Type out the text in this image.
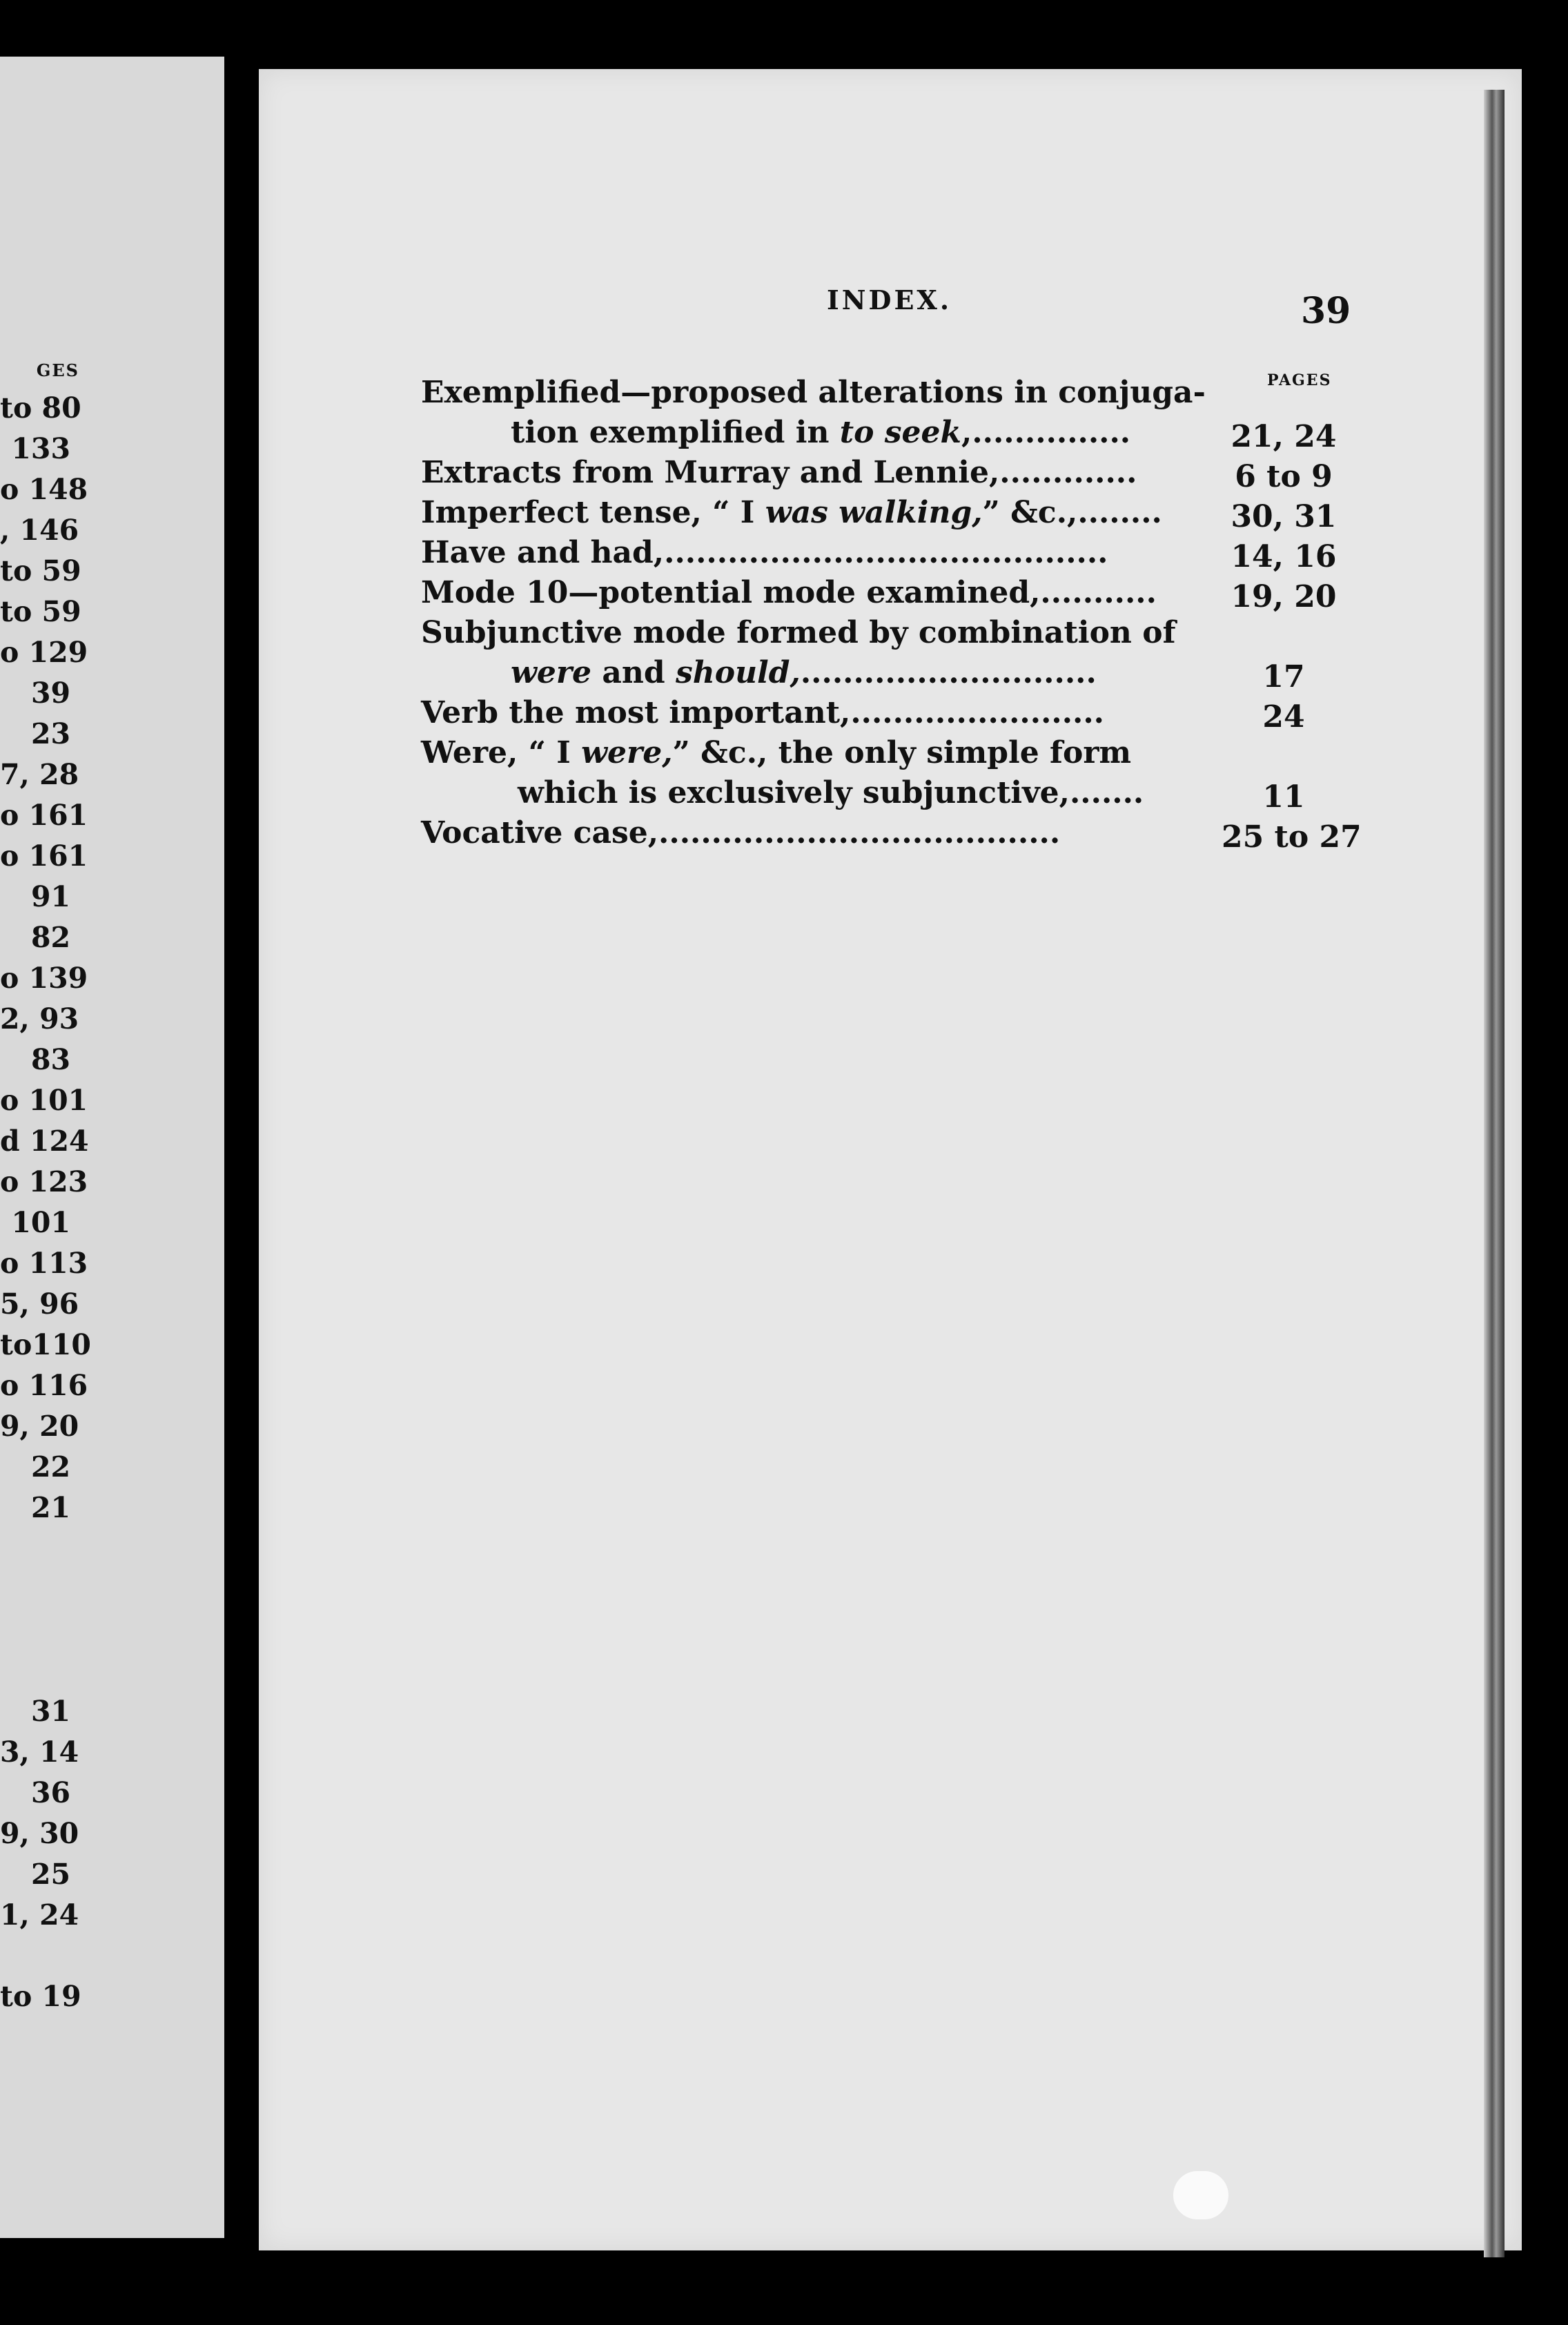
GES
to 80
133
o 148
, 146
to 59
to 59
o 129
39
23
7, 28
o 161
o 161
91
82
o 139
2, 93
83
o 101
d 124
o 123
101
o 113
5, 96
to110
o 116
9, 20
22
21
31
3, 14
36
9, 30
25
1, 24
to 19
INDEX.	39
PAGES
Exemplified—proposed alterations in conjuga-
tion exemplified in to seek,...............	21, 24
Extracts from Murray and Lennie,.............	6 to 9
Imperfect tense, “ I was walking,” &c.,........	30, 31
Have and had,..........................................	14, 16
Mode 10—potential mode examined,...........	19, 20
Subjunctive mode formed by combination of
were and should,............................	17
Verb the most important,........................	24
Were, “ I were,” &c., the only simple form
which is exclusively subjunctive,.......	11
Vocative case,......................................	25 to 27
